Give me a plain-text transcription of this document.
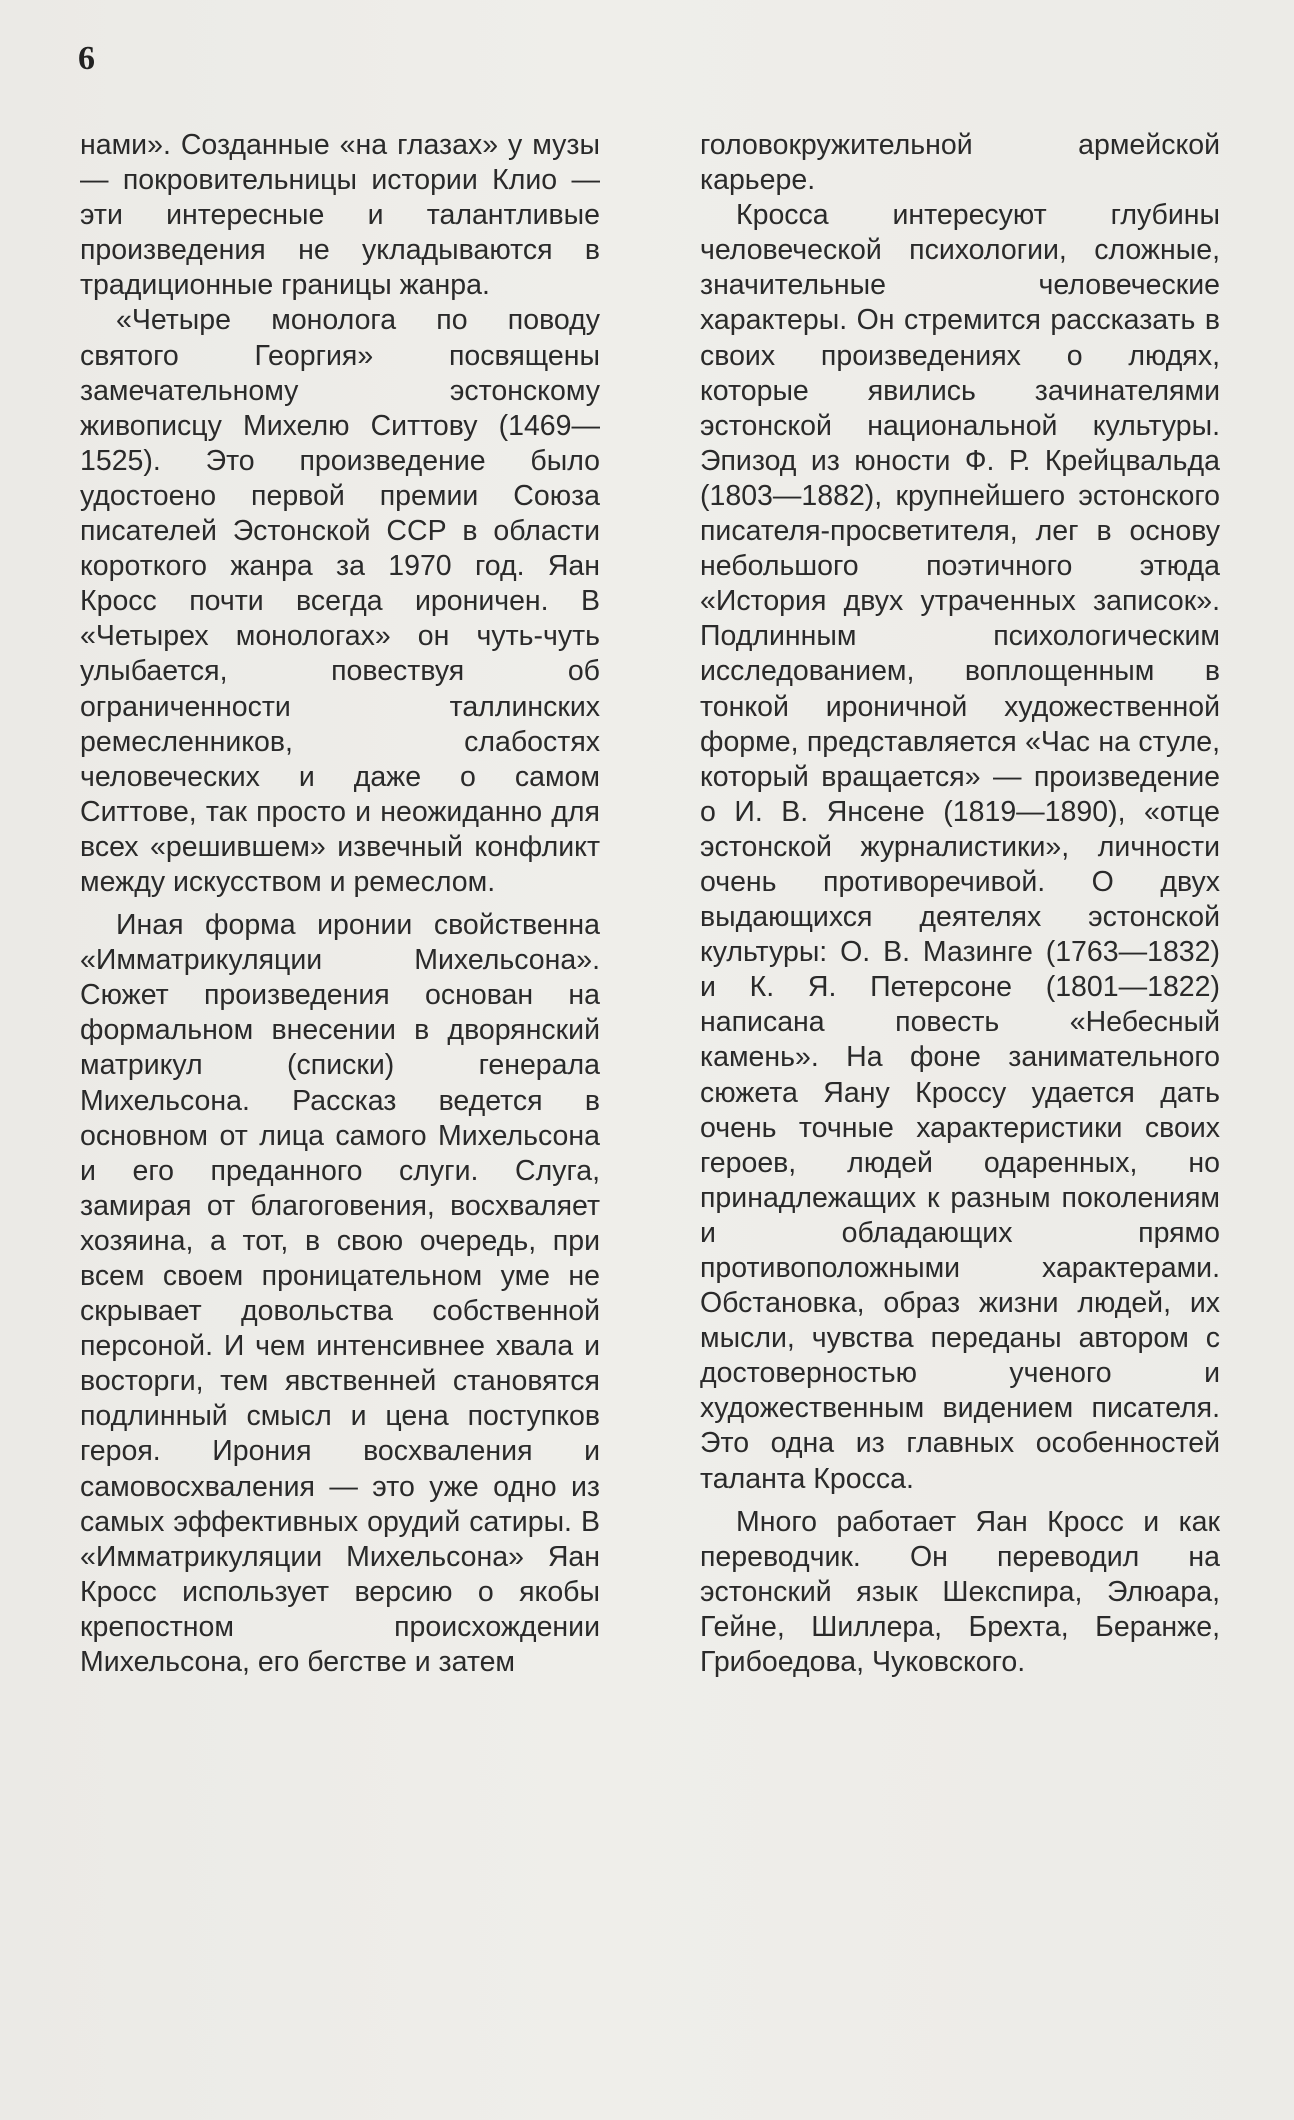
6

нами». Созданные «на глазах» у музы — покровительницы истории Клио — эти интересные и талантливые произведения не укладываются в традиционные границы жанра.

«Четыре монолога по поводу святого Георгия» посвящены замечательному эстонскому живописцу Михелю Ситтову (1469—1525). Это произведение было удостоено первой премии Союза писателей Эстонской ССР в области короткого жанра за 1970 год. Яан Кросс почти всегда ироничен. В «Четырех монологах» он чуть-чуть улыбается, повествуя об ограниченности таллинских ремесленников, слабостях человеческих и даже о самом Ситтове, так просто и неожиданно для всех «решившем» извечный конфликт между искусством и ремеслом.

Иная форма иронии свойственна «Имматрикуляции Михельсона». Сюжет произведения основан на формальном внесении в дворянский матрикул (списки) генерала Михельсона. Рассказ ведется в основном от лица самого Михельсона и его преданного слуги. Слуга, замирая от благоговения, восхваляет хозяина, а тот, в свою очередь, при всем своем проницательном уме не скрывает довольства собственной персоной. И чем интенсивнее хвала и восторги, тем явственней становятся подлинный смысл и цена поступков героя. Ирония восхваления и самовосхваления — это уже одно из самых эффективных орудий сатиры. В «Имматрикуляции Михельсона» Яан Кросс использует версию о якобы крепостном происхождении Михельсона, его бегстве и затем

головокружительной армейской карьере.

Кросса интересуют глубины человеческой психологии, сложные, значительные человеческие характеры. Он стремится рассказать в своих произведениях о людях, которые явились зачинателями эстонской национальной культуры. Эпизод из юности Ф. Р. Крейцвальда (1803—1882), крупнейшего эстонского писателя-просветителя, лег в основу небольшого поэтичного этюда «История двух утраченных записок». Подлинным психологическим исследованием, воплощенным в тонкой ироничной художественной форме, представляется «Час на стуле, который вращается» — произведение о И. В. Янсене (1819—1890), «отце эстонской журналистики», личности очень противоречивой. О двух выдающихся деятелях эстонской культуры: О. В. Мазинге (1763—1832) и К. Я. Петерсоне (1801—1822) написана повесть «Небесный камень». На фоне занимательного сюжета Яану Кроссу удается дать очень точные характеристики своих героев, людей одаренных, но принадлежащих к разным поколениям и обладающих прямо противоположными характерами. Обстановка, образ жизни людей, их мысли, чувства переданы автором с достоверностью ученого и художественным видением писателя. Это одна из главных особенностей таланта Кросса.

Много работает Яан Кросс и как переводчик. Он переводил на эстонский язык Шекспира, Элюара, Гейне, Шиллера, Брехта, Беранже, Грибоедова, Чуковского.
